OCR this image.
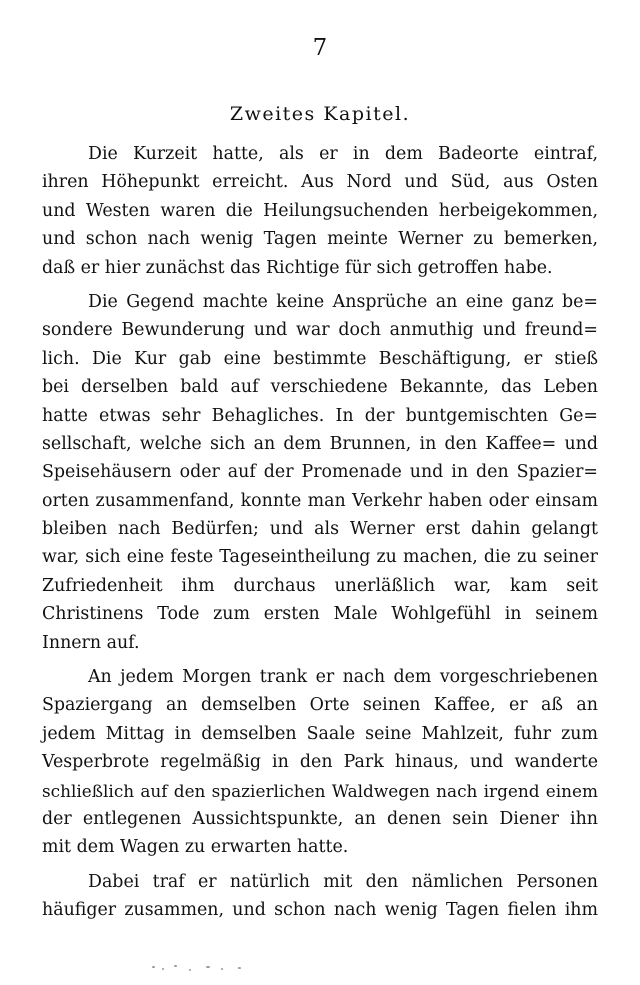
7
Zweites Kapitel.
Die Kurzeit hatte, als er in dem Badeorte eintraf,
ihren Höhepunkt erreicht. Aus Nord und Süd, aus Osten
und Westen waren die Heilungsuchenden herbeigekommen,
und schon nach wenig Tagen meinte Werner zu bemerken,
daß er hier zunächst das Richtige für sich getroffen habe.
Die Gegend machte keine Ansprüche an eine ganz be=
sondere Bewunderung und war doch anmuthig und freund=
lich. Die Kur gab eine bestimmte Beschäftigung, er stieß
bei derselben bald auf verschiedene Bekannte, das Leben
hatte etwas sehr Behagliches. In der buntgemischten Ge=
sellschaft, welche sich an dem Brunnen, in den Kaffee= und
Speisehäusern oder auf der Promenade und in den Spazier=
orten zusammenfand, konnte man Verkehr haben oder einsam
bleiben nach Bedürfen; und als Werner erst dahin gelangt
war, sich eine feste Tageseintheilung zu machen, die zu seiner
Zufriedenheit ihm durchaus unerläßlich war, kam seit
Christinens Tode zum ersten Male Wohlgefühl in seinem
Innern auf.
An jedem Morgen trank er nach dem vorgeschriebenen
Spaziergang an demselben Orte seinen Kaffee, er aß an
jedem Mittag in demselben Saale seine Mahlzeit, fuhr zum
Vesperbrote regelmäßig in den Park hinaus, und wanderte
schließlich auf den spazierlichen Waldwegen nach irgend einem
der entlegenen Aussichtspunkte, an denen sein Diener ihn
mit dem Wagen zu erwarten hatte.
Dabei traf er natürlich mit den nämlichen Personen
häufiger zusammen, und schon nach wenig Tagen fielen ihm
